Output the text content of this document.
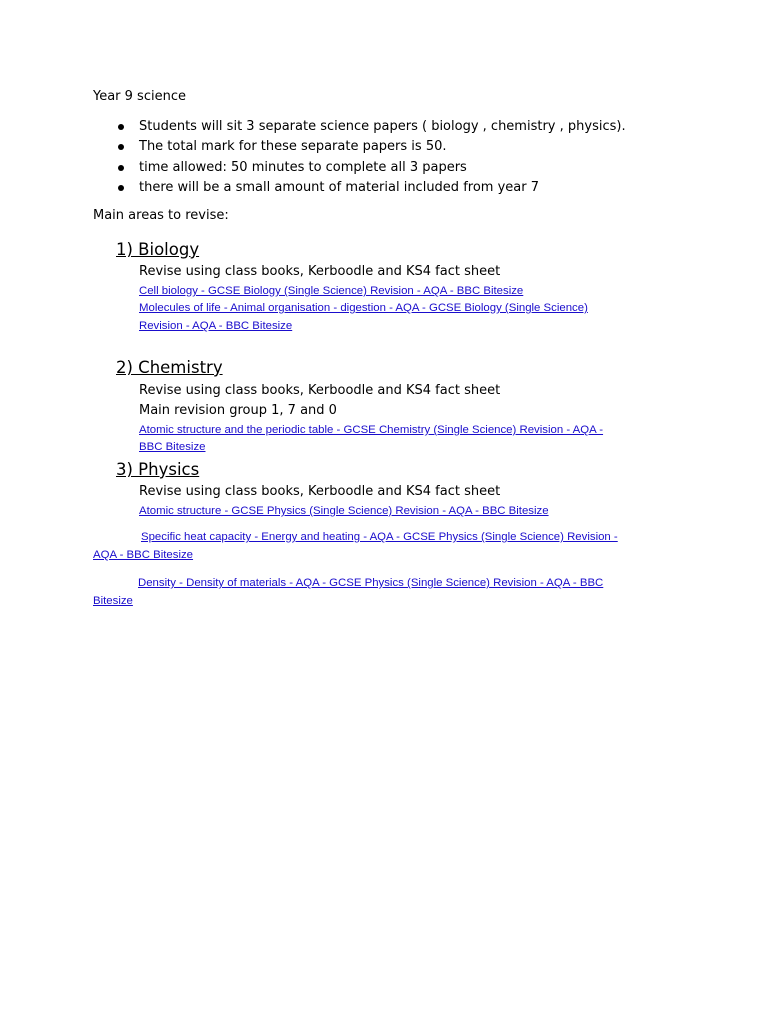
Year 9 science
Students will sit 3 separate science papers ( biology , chemistry , physics).
The total mark for these separate papers is 50.
time allowed: 50 minutes to complete all 3 papers
there will be a small amount of material included from year 7
Main areas to revise:
1) Biology
Revise using class books, Kerboodle and KS4 fact sheet
Cell biology - GCSE Biology (Single Science) Revision - AQA - BBC Bitesize
Molecules of life - Animal organisation - digestion - AQA - GCSE Biology (Single Science)
Revision - AQA - BBC Bitesize
2) Chemistry
Revise using class books, Kerboodle and KS4 fact sheet
Main revision group 1, 7 and 0
Atomic structure and the periodic table - GCSE Chemistry (Single Science) Revision - AQA -
BBC Bitesize
3) Physics
Revise using class books, Kerboodle and KS4 fact sheet
Atomic structure - GCSE Physics (Single Science) Revision - AQA - BBC Bitesize
Specific heat capacity - Energy and heating - AQA - GCSE Physics (Single Science) Revision -
AQA - BBC Bitesize
Density - Density of materials - AQA - GCSE Physics (Single Science) Revision - AQA - BBC
Bitesize
